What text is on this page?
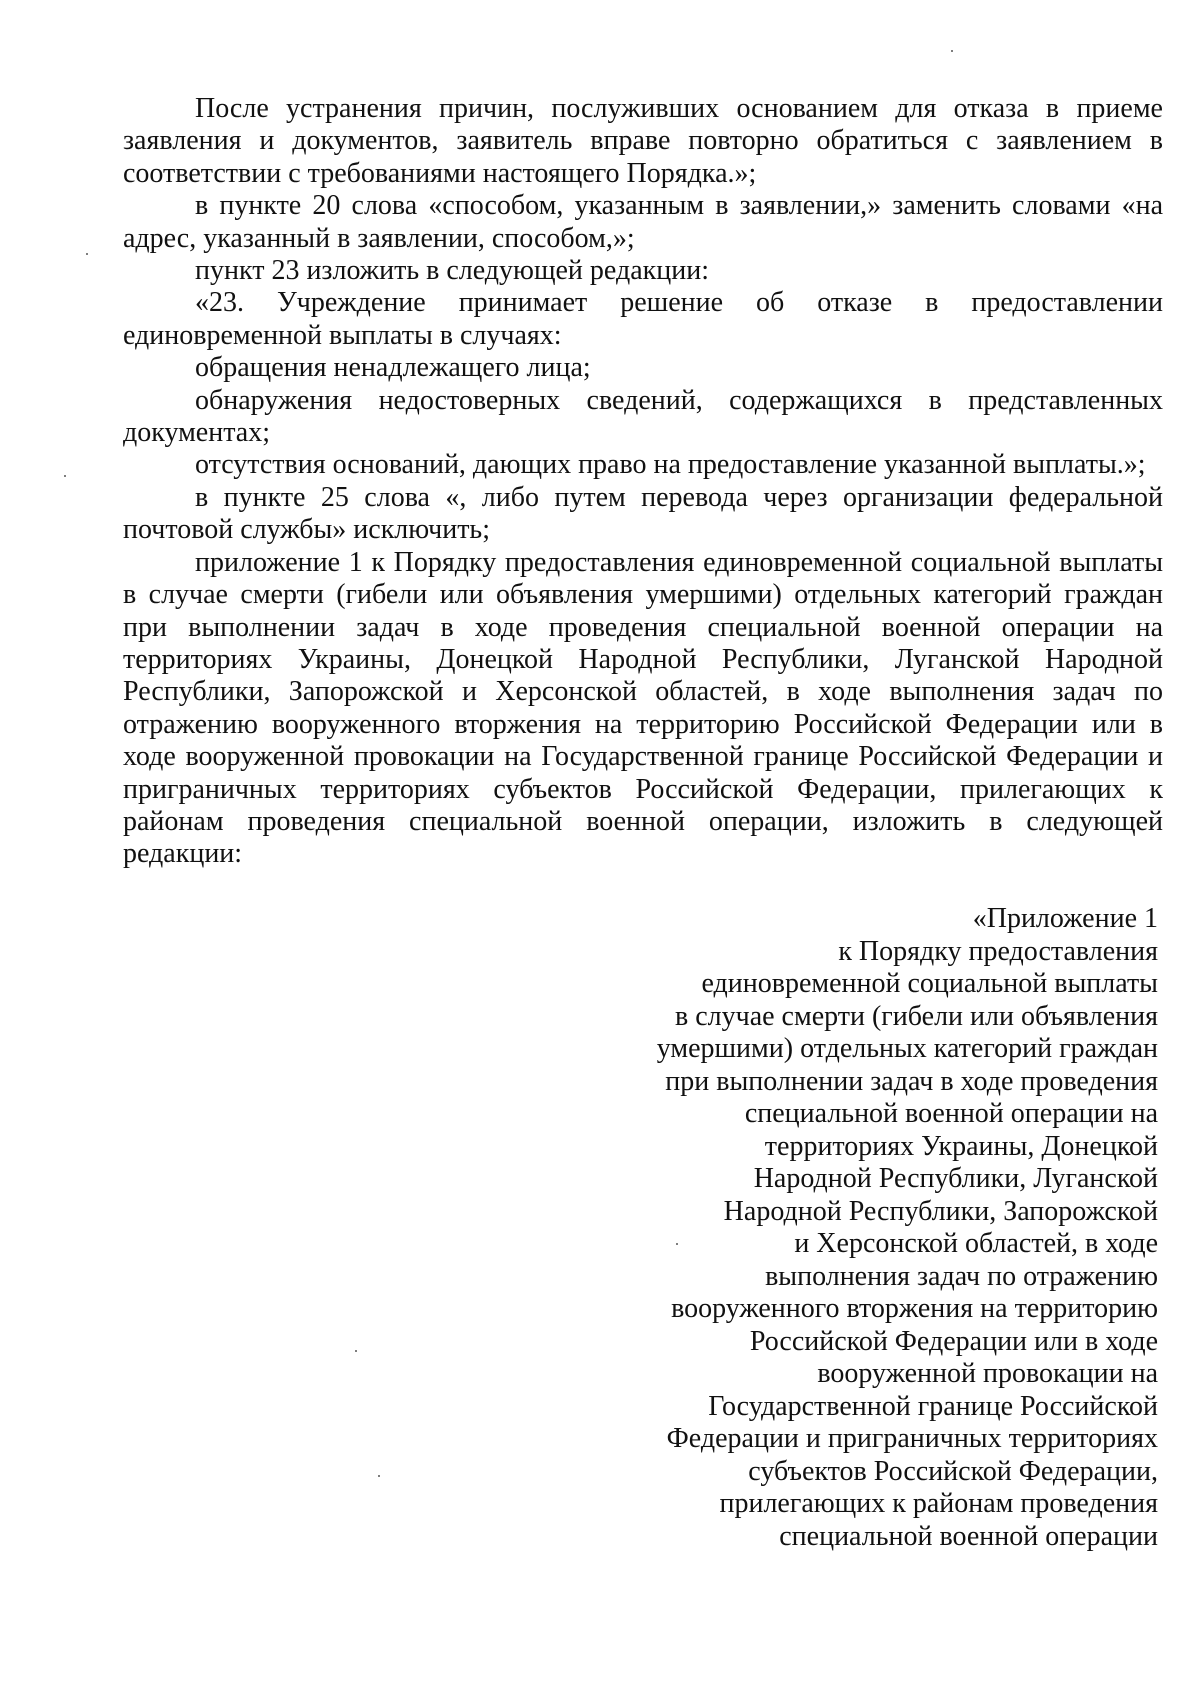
После устранения причин, послуживших основанием для отказа в приеме заявления и документов, заявитель вправе повторно обратиться с заявлением в соответствии с требованиями настоящего Порядка.»;

в пункте 20 слова «способом, указанным в заявлении,» заменить словами «на адрес, указанный в заявлении, способом,»;

пункт 23 изложить в следующей редакции:

«23. Учреждение принимает решение об отказе в предоставлении единовременной выплаты в случаях:

обращения ненадлежащего лица;

обнаружения недостоверных сведений, содержащихся в представленных документах;

отсутствия оснований, дающих право на предоставление указанной выплаты.»;

в пункте 25 слова «, либо путем перевода через организации федеральной почтовой службы» исключить;

приложение 1 к Порядку предоставления единовременной социальной выплаты в случае смерти (гибели или объявления умершими) отдельных категорий граждан при выполнении задач в ходе проведения специальной военной операции на территориях Украины, Донецкой Народной Республики, Луганской Народной Республики, Запорожской и Херсонской областей, в ходе выполнения задач по отражению вооруженного вторжения на территорию Российской Федерации или в ходе вооруженной провокации на Государственной границе Российской Федерации и приграничных территориях субъектов Российской Федерации, прилегающих к районам проведения специальной военной операции, изложить в следующей редакции:

«Приложение 1
к Порядку предоставления
единовременной социальной выплаты
в случае смерти (гибели или объявления
умершими) отдельных категорий граждан
при выполнении задач в ходе проведения
специальной военной операции на
территориях Украины, Донецкой
Народной Республики, Луганской
Народной Республики, Запорожской
и Херсонской областей, в ходе
выполнения задач по отражению
вооруженного вторжения на территорию
Российской Федерации или в ходе
вооруженной провокации на
Государственной границе Российской
Федерации и приграничных территориях
субъектов Российской Федерации,
прилегающих к районам проведения
специальной военной операции
